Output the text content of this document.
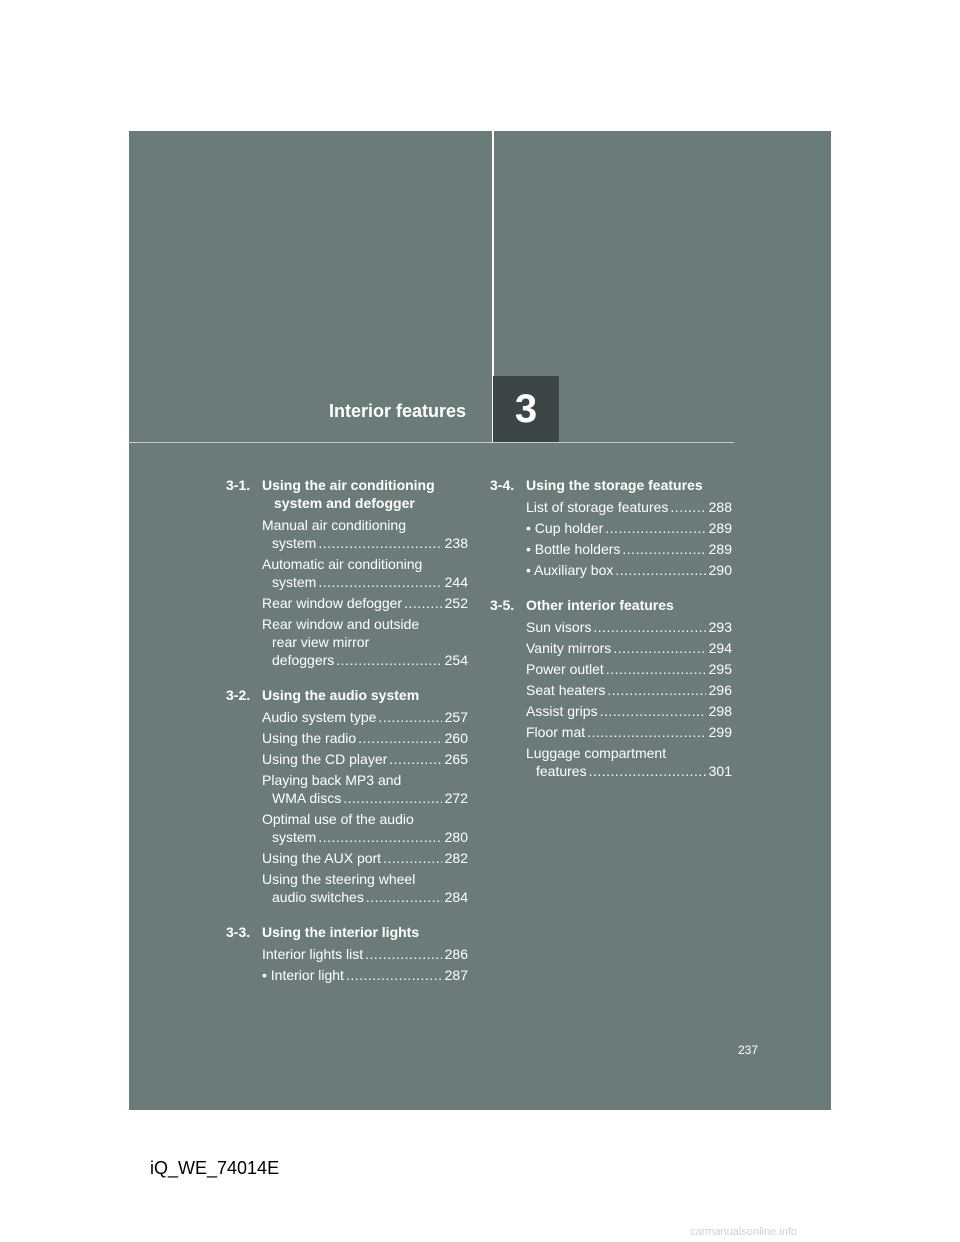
Interior features	3
3-1. Using the air conditioning
system and defogger
Manual air conditioning
system .....	238
Automatic air conditioning
system .....	244
Rear window defogger .....	252
Rear window and outside
rear view mirror
defoggers .....	254
3-2. Using the audio system
Audio system type .....	257
Using the radio .....	260
Using the CD player .....	265
Playing back MP3 and
WMA discs .....	272
Optimal use of the audio
system .....	280
Using the AUX port .....	282
Using the steering wheel
audio switches .....	284
3-3. Using the interior lights
Interior lights list .....	286
• Interior light .....	287
3-4. Using the storage features
List of storage features .....	288
• Cup holder .....	289
• Bottle holders .....	289
• Auxiliary box .....	290
3-5. Other interior features
Sun visors .....	293
Vanity mirrors .....	294
Power outlet .....	295
Seat heaters .....	296
Assist grips .....	298
Floor mat .....	299
Luggage compartment
features .....	301
237
iQ_WE_74014E
carmanualsonline.info
